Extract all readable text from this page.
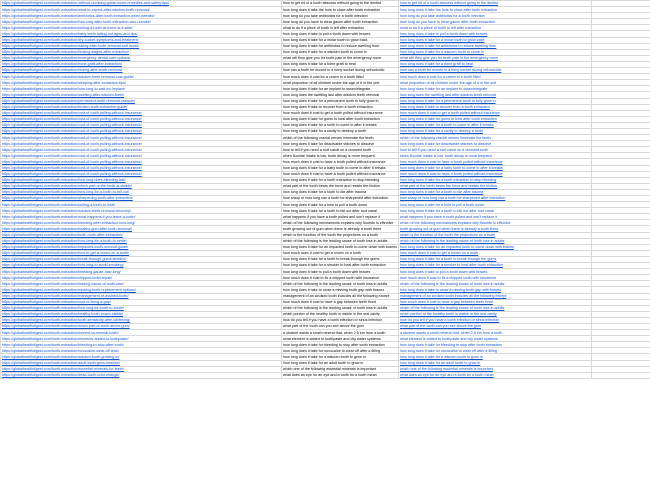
https://globalhealthdigest.com/tooth-extraction-without-numbing-guide-home-remedies-and-safety-tips/	how to get rid of a tooth abscess without going to the dentist	how to get rid of a tooth abscess without going to the dentist	
https://globalhealthdigest.com/tooth-extraction/what-to-expect-after-wisdom-tooth-removal/	how long does it take the hole to close after tooth extraction	how long does it take the hole to close after tooth extraction	
https://globalhealthdigest.com/tooth-extraction/antibiotics-after-tooth-extraction-when-needed/	how long do you take antibiotics for a tooth infection	how long do you take antibiotics for a tooth infection	
https://globalhealthdigest.com/tooth-extraction/how-long-after-tooth-extraction-can-i-smoke/	how long do you have to wear gauze after tooth extraction	how long do you have to wear gauze after tooth extraction	
https://globalhealthdigest.com/tooth-extraction/pulling-a-tooth-at-home-is-it-safe/	what to do if a piece of tooth is left after extraction	what to do if a piece of tooth is left after extraction	
https://globalhealthdigest.com/tooth-extraction/baby-teeth-falling-out-ages-and-tips/	how long does it take to pull a tooth down with braces	how long does it take to pull a tooth down with braces	
https://globalhealthdigest.com/tooth-extraction/dry-socket-symptoms-and-treatment/	how long does it take for a molar tooth to grow back	how long does it take for a molar tooth to grow back	
https://globalhealthdigest.com/tooth-extraction/eating-after-tooth-removal-soft-foods/	how long does it take for antibiotics to reduce swelling from	how long does it take for antibiotics to reduce swelling from	
https://globalhealthdigest.com/tooth-extraction/healing-stages-after-extraction/	how long does it take for a wisdom tooth to come in	how long does it take for a wisdom tooth to come in	
https://globalhealthdigest.com/tooth-extraction/emergency-dental-care-options/	what will they give you for tooth pain in the emergency room	what will they give you for tooth pain in the emergency room	
https://globalhealthdigest.com/tooth-extraction/bone-graft-after-extraction/	how long does it take for a bone graft to heal	how long does it take for a bone graft to heal	
https://globalhealthdigest.com/tooth-extraction/rinsing-after-tooth-removal/	how can a tooth be moved in a bony socket during orthodontic	how can a tooth be moved in a bony socket during orthodontic	
https://globalhealthdigest.com/tooth-extraction/wisdom-teeth-removal-cost-guide/	how much does it cost for a crown in a tooth filled	how much does it cost for a crown in a tooth filled	
https://globalhealthdigest.com/tooth-extraction/sleeping-after-extraction-tips/	what proportion of all children under the age of 6 in the unit	what proportion of all children under the age of 6 in the unit	
https://globalhealthdigest.com/tooth-extraction/how-long-to-wait-for-implant/	how long does it take for an implant to osseointegrate	how long does it take for an implant to osseointegrate	
https://globalhealthdigest.com/tooth-extraction/swelling-after-wisdom-teeth/	how long does the swelling last after wisdom teeth removal	how long does the swelling last after wisdom teeth removal	
https://globalhealthdigest.com/tooth-extraction/permanent-tooth-removal-reasons/	how long does it take for a permanent tooth to fully grow in	how long does it take for a permanent tooth to fully grow in	
https://globalhealthdigest.com/tooth-extraction/broken-tooth-extraction-guide/	how long does it take to recover from a tooth extraction	how long does it take to recover from a tooth extraction	
https://globalhealthdigest.com/tooth-extraction/cost-of-tooth-pulling-without-insurance/	how much does it cost to get a tooth pulled without insurance	how much does it cost to get a tooth pulled without insurance	
https://globalhealthdigest.com/tooth-extraction/cost-of-tooth-pulling-without-insurance/	how long does it take for gums to heal after tooth extraction	how long does it take for gums to heal after tooth extraction	
https://globalhealthdigest.com/tooth-extraction/cost-of-tooth-pulling-without-insurance/	how long does it take for a tooth to come in after it breaks	how long does it take for a tooth to come in after it breaks	
https://globalhealthdigest.com/tooth-extraction/cost-of-tooth-pulling-without-insurance/	how long does it take for a cavity to destroy a tooth	how long does it take for a cavity to destroy a tooth	
https://globalhealthdigest.com/tooth-extraction/cost-of-tooth-pulling-without-insurance/	which of the following cranial nerves innervate the teeth	which of the following cranial nerves innervate the teeth	
https://globalhealthdigest.com/tooth-extraction/cost-of-tooth-pulling-without-insurance/	how long does it take for dissolvable stitches to dissolve	how long does it take for dissolvable stitches to dissolve	
https://globalhealthdigest.com/tooth-extraction/cost-of-tooth-pulling-without-insurance/	how to tell if you need a root canal on a crowned tooth	how to tell if you need a root canal on a crowned tooth	
https://globalhealthdigest.com/tooth-extraction/cost-of-tooth-pulling-without-insurance/	when fluoride intake is low, tooth decay is more frequent	when fluoride intake is low, tooth decay is more frequent	
https://globalhealthdigest.com/tooth-extraction/cost-of-tooth-pulling-without-insurance/	how much does it cost to have a tooth pulled without insurance	how much does it cost to have a tooth pulled without insurance	
https://globalhealthdigest.com/tooth-extraction/cost-of-tooth-pulling-without-insurance/	how long does it take for a baby tooth to come in after it breaks	how long does it take for a baby tooth to come in after it breaks	
https://globalhealthdigest.com/tooth-extraction/cost-of-tooth-pulling-without-insurance/	how much does it cost to have a tooth pulled without insurance	how much does it cost to have a tooth pulled without insurance	
https://globalhealthdigest.com/tooth-extraction/how-long-does-bleeding-last/	how long does it take for a tooth extraction to stop bleeding	how long does it take for a tooth extraction to stop bleeding	
https://globalhealthdigest.com/tooth-extraction/which-part-of-the-tooth-is-visible/	what part of the tooth bears the force and resists the friction	what part of the tooth bears the force and resists the friction	
https://globalhealthdigest.com/tooth-extraction/how-long-for-a-tooth-to-fall-out/	how long does it take for a tooth to die after trauma	how long does it take for a tooth to die after trauma	
https://globalhealthdigest.com/tooth-extraction/sharpening-tooth-after-extraction/	how sharp or how long can a tooth be sharpened after extraction	how sharp or how long can a tooth be sharpened after extraction	
https://globalhealthdigest.com/tooth-extraction/pulling-a-tooth-to-heal/	how long does it take for a hole to pull a tooth down	how long does it take for a hole to pull a tooth down	
https://globalhealthdigest.com/tooth-extraction/wisdom-teeth-removal-recovery/	how long does it take for a tooth to fall out after root canal	how long does it take for a tooth to fall out after root canal	
https://globalhealthdigest.com/tooth-extraction/what-happens-if-you-leave-a-tooth/	what happens if you have a tooth pulled and don't replace it	what happens if you have a tooth pulled and don't replace it	
https://globalhealthdigest.com/tooth-extraction/bleeding-after-extraction-how-long/	which of the following mechanisms explains why fluoride is effective	which of the following mechanisms explains why fluoride is effective	
https://globalhealthdigest.com/tooth-extraction/healthy-gum-after-tooth-removal/	tooth growing out of gum when there is already a tooth there	tooth growing out of gum when there is already a tooth there	
https://globalhealthdigest.com/tooth-extraction/tooth-roots-after-extraction/	which is the function of the tooth the projections on a tooth	which is the function of the tooth the projections on a tooth	
https://globalhealthdigest.com/tooth-extraction/how-long-for-a-tooth-to-settle/	which of the following is the leading cause of tooth loss in adults	which of the following is the leading cause of tooth loss in adults	
https://globalhealthdigest.com/tooth-extraction/impacted-tooth-removal-guide/	how long does it take for an impacted tooth to come down with braces	how long does it take for an impacted tooth to come down with braces	
https://globalhealthdigest.com/tooth-extraction/how-to-get-a-crown-on-a-tooth/	how much does it cost to get a crown on a tooth	how much does it cost to get a crown on a tooth	
https://globalhealthdigest.com/tooth-extraction/break-through-gums-timeline/	how long does it take for a tooth to break through the gums	how long does it take for a tooth to break through the gums	
https://globalhealthdigest.com/tooth-extraction/how-long-to-avoid-smoking/	how long does it take for a smoker to heal after tooth extraction	how long does it take for a smoker to heal after tooth extraction	
https://globalhealthdigest.com/tooth-extraction/bleeding-gauze-how-long/	how long does it take to pull a tooth down with braces	how long does it take to pull a tooth down with braces	
https://globalhealthdigest.com/tooth-extraction/chipped-tooth-repair/	how much does it cost to fix a chipped tooth with insurance	how much does it cost to fix a chipped tooth with insurance	
https://globalhealthdigest.com/tooth-extraction/leading-cause-of-tooth-loss/	which of the following is the leading cause of tooth loss in adults	which of the following is the leading cause of tooth loss in adults	
https://globalhealthdigest.com/tooth-extraction/missing-tooth-replacement-options/	how long does it take to close a missing tooth gap with braces	how long does it take to close a missing tooth gap with braces	
https://globalhealthdigest.com/tooth-extraction/management-of-avulsed-tooth/	management of an avulsed tooth includes all the following except	management of an avulsed tooth includes all the following except	
https://globalhealthdigest.com/tooth-extraction/cost-of-fixing-a-gap/	how much does it cost to have a gap between teeth fixed	how much does it cost to have a gap between teeth fixed	
https://globalhealthdigest.com/tooth-extraction/how-long-for-tooth-to-move/	which of the following is the leading cause of tooth loss in adults	which of the following is the leading cause of tooth loss in adults	
https://globalhealthdigest.com/tooth-extraction/healthy-tooth-crown-visible/	which portion of the healthy tooth is visible in the oral cavity	which portion of the healthy tooth is visible in the oral cavity	
https://globalhealthdigest.com/tooth-extraction/tooth-sensitivity-after-whitening/	how do you tell if you have a tooth infection or sinus infection	how do you tell if you have a tooth infection or sinus infection	
https://globalhealthdigest.com/tooth-extraction/which-part-of-tooth-above-gum/	what part of the tooth can you see above the gum	what part of the tooth can you see above the gum	
https://globalhealthdigest.com/tooth-extraction/solvent-vs-mineral-tooth/	a student wants a small mineral that, when 2.5 km from a tooth	a student wants a small mineral that, when 2.5 km from a tooth	
https://globalhealthdigest.com/tooth-extraction/elements-added-to-toothpaste/	what element is added to toothpaste and city water systems	what element is added to toothpaste and city water systems	
https://globalhealthdigest.com/tooth-extraction/bleeding-to-stop-after-tooth/	how long does it take for bleeding to stop after tooth extraction	how long does it take for bleeding to stop after tooth extraction	
https://globalhealthdigest.com/tooth-extraction/novocaine-wear-off-time/	how long does it take for novocaine to wear off after a filling	how long does it take for novocaine to wear off after a filling	
https://globalhealthdigest.com/tooth-extraction/wisdom-tooth-growing-in/	how long does it take for a wisdom tooth to grow in	how long does it take for a wisdom tooth to grow in	
https://globalhealthdigest.com/tooth-extraction/adult-tooth-grow-timeline/	how long does it take for an adult tooth to grow in	how long does it take for an adult tooth to grow in	
https://globalhealthdigest.com/tooth-extraction/essential-minerals-for-teeth/	which one of the following essential minerals is important	which one of the following essential minerals is important	
https://globalhealthdigest.com/tooth-extraction/dead-tooth-color-change/	what does an eye for an eye and a tooth for a tooth mean	what does an eye for an eye and a tooth for a tooth mean	
